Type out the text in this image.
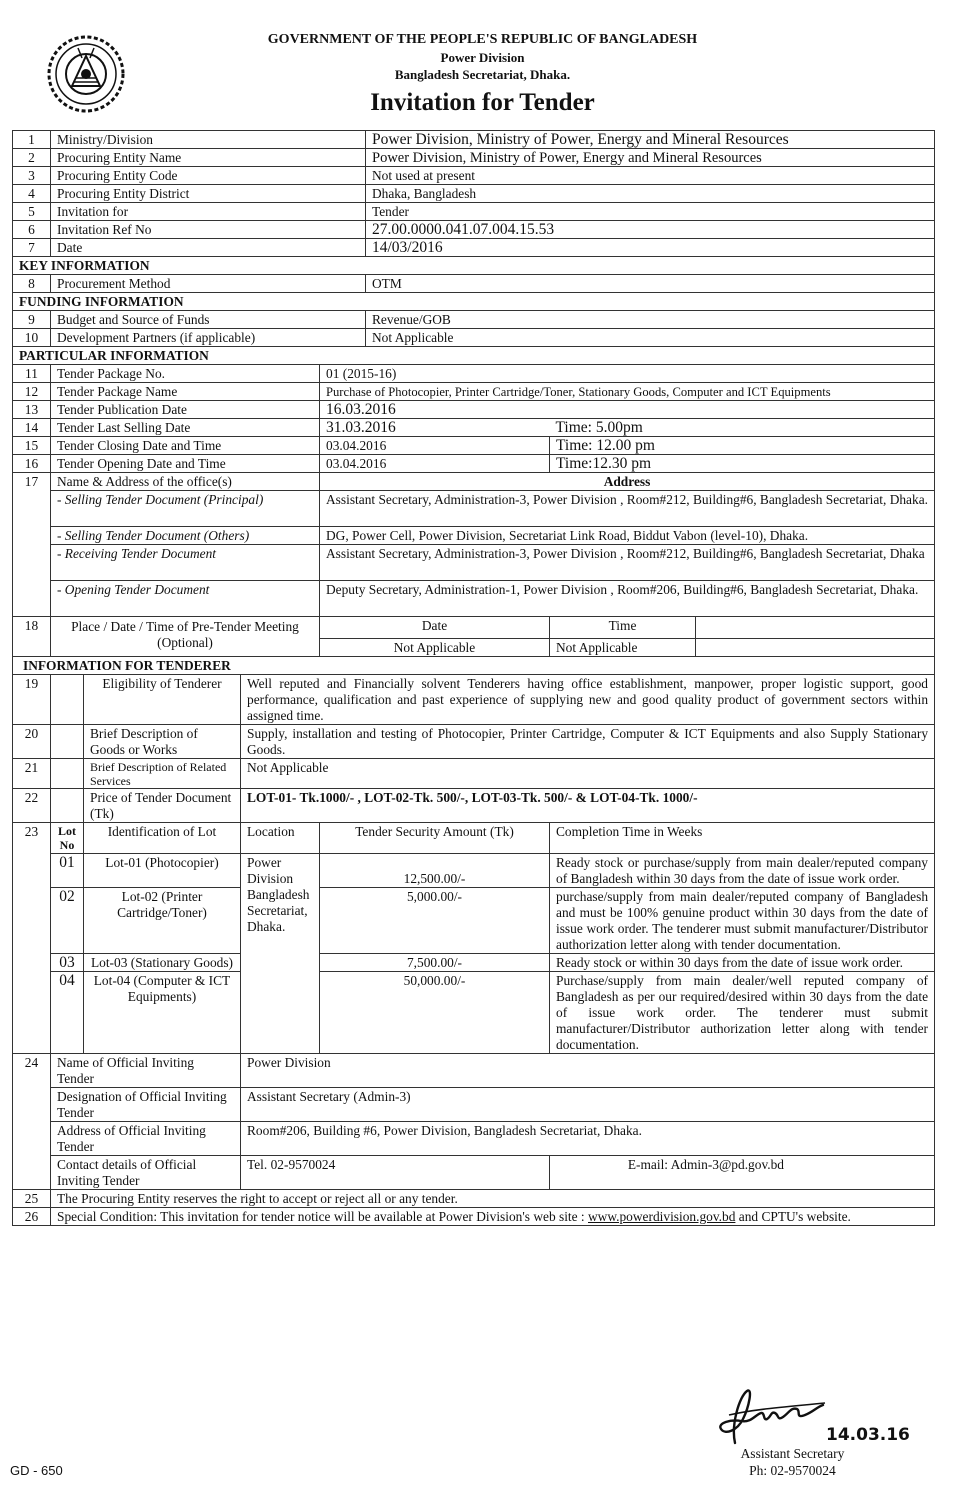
GOVERNMENT OF THE PEOPLE'S REPUBLIC OF BANGLADESH
Power Division
Bangladesh Secretariat, Dhaka.
Invitation for Tender
1	Ministry/Division				Power Division, Ministry of Power, Energy and Mineral Resources		
2	Procuring Entity Name				Power Division, Ministry of Power, Energy and Mineral Resources		
3	Procuring Entity Code				Not used at present		
4	Procuring Entity District				Dhaka, Bangladesh		
5	Invitation for				Tender		
6	Invitation Ref No				27.00.0000.041.07.004.15.53		
7	Date				14/03/2016		
KEY INFORMATION							
8	Procurement Method				OTM		
FUNDING INFORMATION							
9	Budget and Source of Funds				Revenue/GOB		
10	Development Partners (if applicable)				Not Applicable		
PARTICULAR INFORMATION							
11	Tender Package No.			01 (2015-16)			
12	Tender Package Name			Purchase of Photocopier, Printer Cartridge/Toner, Stationary Goods, Computer and ICT Equipments			
13	Tender Publication Date			16.03.2016			
14	Tender Last Selling Date			31.03.2016		Time: 5.00pm	
15	Tender Closing Date and Time			03.04.2016		Time: 12.00 pm	
16	Tender Opening Date and Time			03.04.2016		Time:12.30 pm	
17	Name & Address of the office(s)			Address			
	- Selling Tender Document (Principal)			Assistant Secretary, Administration-3, Power Division , Room#212, Building#6, Bangladesh Secretariat, Dhaka.			
	- Selling Tender Document (Others)			DG, Power Cell, Power Division, Secretariat Link Road, Biddut Vabon (level-10), Dhaka.			
	- Receiving Tender Document			Assistant Secretary, Administration-3, Power Division , Room#212, Building#6, Bangladesh Secretariat, Dhaka			
	- Opening Tender Document			Deputy Secretary, Administration-1, Power Division , Room#206, Building#6, Bangladesh Secretariat, Dhaka.			
18	Place / Date / Time of Pre-Tender Meeting (Optional)			Date		Time	
				Not Applicable		Not Applicable	
INFORMATION FOR TENDERER							
19		Eligibility of Tenderer	Well reputed and Financially solvent Tenderers having office establishment, manpower, proper logistic support, good performance, qualification and past experience of supplying new and good quality product of government sectors within assigned time.				
20		Brief Description of Goods or Works	Supply, installation and testing of Photocopier, Printer Cartridge, Computer & ICT Equipments and also Supply Stationary Goods.				
21		Brief Description of Related Services	Not Applicable				
22		Price of Tender Document (Tk)	LOT-01- Tk.1000/- , LOT-02-Tk. 500/-, LOT-03-Tk. 500/- & LOT-04-Tk. 1000/-				
23	Lot No	Identification of Lot	Location	Tender Security Amount (Tk)		Completion Time in Weeks	
	01	Lot-01 (Photocopier)	Power Division Bangladesh Secretariat, Dhaka.	12,500.00/-		Ready stock or purchase/supply from main dealer/reputed company of Bangladesh within 30 days from the date of issue work order.	
	02	Lot-02 (Printer Cartridge/Toner)		5,000.00/-		purchase/supply from main dealer/reputed company of Bangladesh and must be 100% genuine product within 30 days from the date of issue work order. The tenderer must submit manufacturer/Distributor authorization letter along with tender documentation.	
	03	Lot-03 (Stationary Goods)		7,500.00/-		Ready stock or within 30 days from the date of issue work order.	
	04	Lot-04 (Computer & ICT Equipments)		50,000.00/-		Purchase/supply from main dealer/well reputed company of Bangladesh as per our required/desired within 30 days from the date of issue work order. The tenderer must submit manufacturer/Distributor authorization letter along with tender documentation.	
24	Name of Official Inviting Tender		Power Division				
	Designation of Official Inviting Tender		Assistant Secretary (Admin-3)				
	Address of Official Inviting Tender		Room#206, Building #6, Power Division, Bangladesh Secretariat, Dhaka.				
	Contact details of Official Inviting Tender		Tel. 02-9570024			E-mail: Admin-3@pd.gov.bd	
25	The Procuring Entity reserves the right to accept or reject all or any tender.						
26	Special Condition: This invitation for tender notice will be available at Power Division's web site : www.powerdivision.gov.bd and CPTU's website.						
GD - 650
14.03.16
Assistant Secretary
Ph: 02-9570024
